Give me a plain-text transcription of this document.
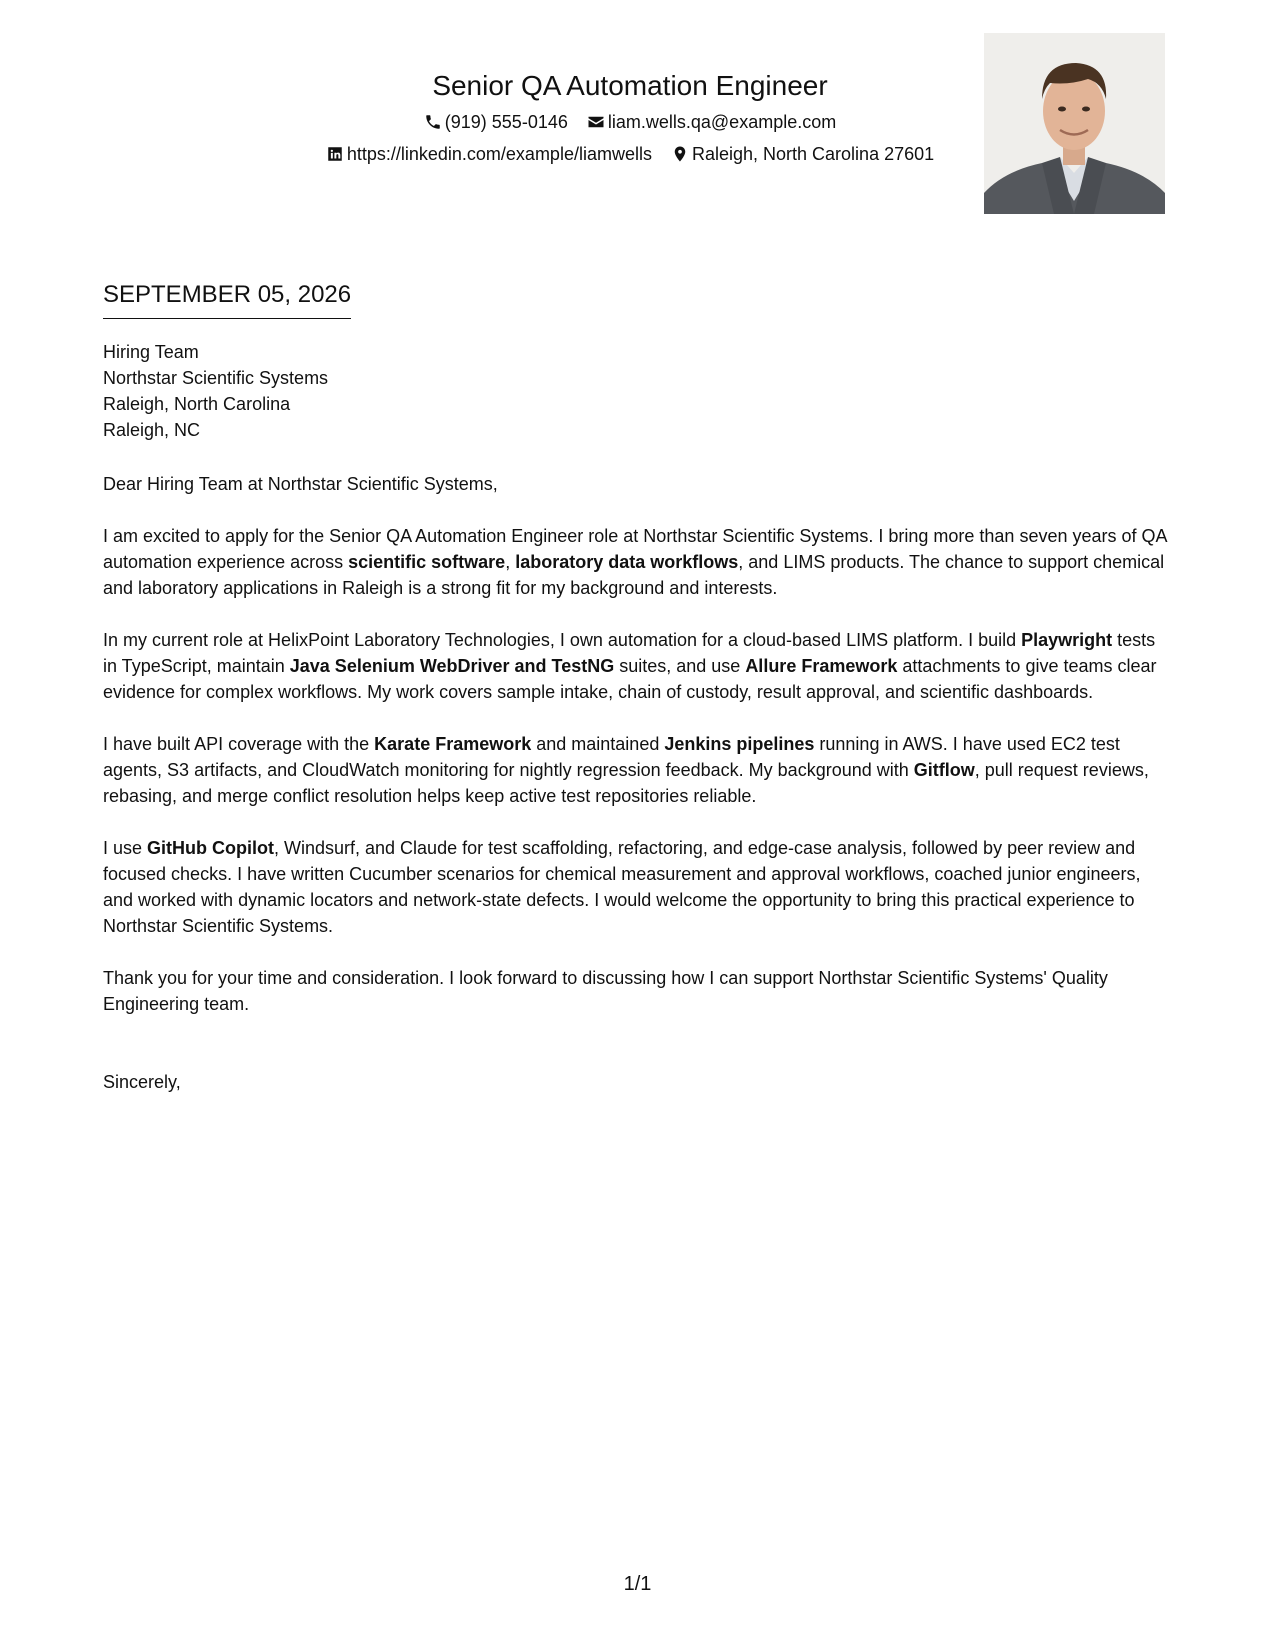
Senior QA Automation Engineer
(919) 555-0146 liam.wells.qa@example.com
https://linkedin.com/example/liamwells Raleigh, North Carolina 27601
SEPTEMBER 05, 2026
Hiring Team
Northstar Scientific Systems
Raleigh, North Carolina
Raleigh, NC
Dear Hiring Team at Northstar Scientific Systems,
I am excited to apply for the Senior QA Automation Engineer role at Northstar Scientific Systems. I bring more than seven years of QA automation experience across scientific software, laboratory data workflows, and LIMS products. The chance to support chemical and laboratory applications in Raleigh is a strong fit for my background and interests.
In my current role at HelixPoint Laboratory Technologies, I own automation for a cloud-based LIMS platform. I build Playwright tests in TypeScript, maintain Java Selenium WebDriver and TestNG suites, and use Allure Framework attachments to give teams clear evidence for complex workflows. My work covers sample intake, chain of custody, result approval, and scientific dashboards.
I have built API coverage with the Karate Framework and maintained Jenkins pipelines running in AWS. I have used EC2 test agents, S3 artifacts, and CloudWatch monitoring for nightly regression feedback. My background with Gitflow, pull request reviews, rebasing, and merge conflict resolution helps keep active test repositories reliable.
I use GitHub Copilot, Windsurf, and Claude for test scaffolding, refactoring, and edge-case analysis, followed by peer review and focused checks. I have written Cucumber scenarios for chemical measurement and approval workflows, coached junior engineers, and worked with dynamic locators and network-state defects. I would welcome the opportunity to bring this practical experience to Northstar Scientific Systems.
Thank you for your time and consideration. I look forward to discussing how I can support Northstar Scientific Systems' Quality Engineering team.
Sincerely,
1/1
